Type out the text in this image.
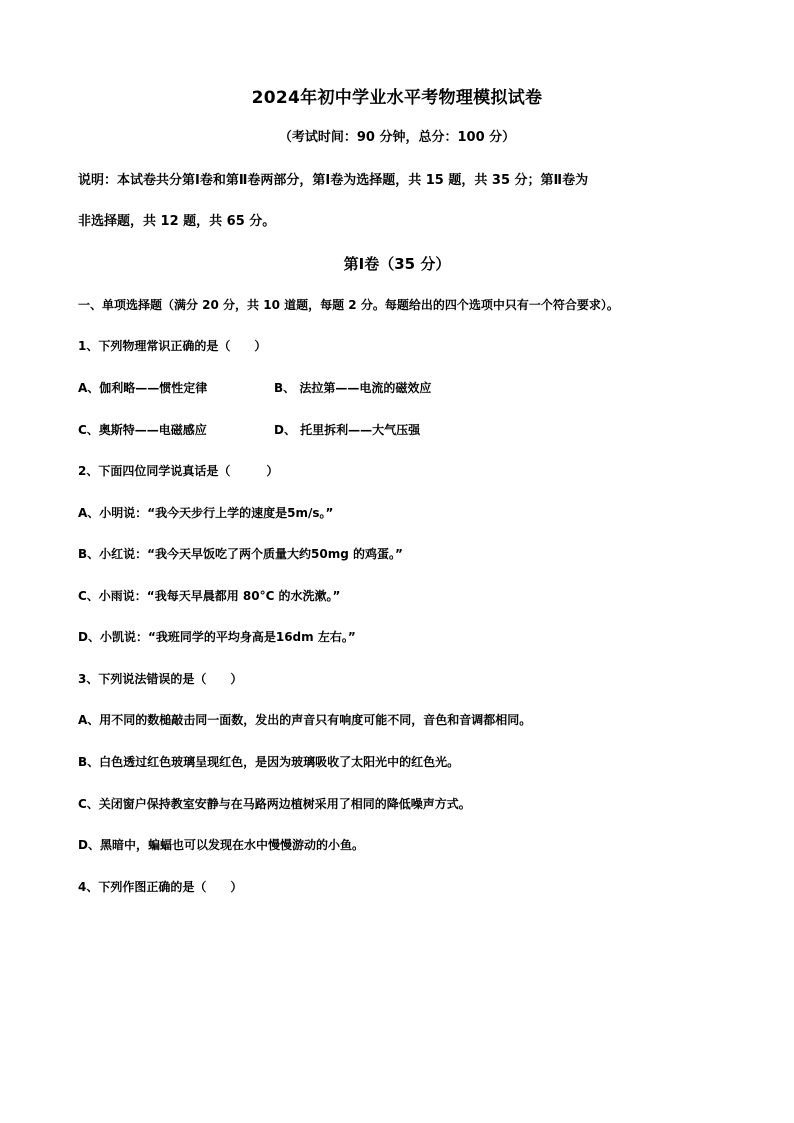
2024年初中学业水平考物理模拟试卷
（考试时间：90 分钟，总分：100 分）
说明：本试卷共分第Ⅰ卷和第Ⅱ卷两部分，第Ⅰ卷为选择题，共 15 题，共 35 分；第Ⅱ卷为
非选择题，共 12 题，共 65 分。
第Ⅰ卷（35 分）
一、单项选择题（满分 20 分，共 10 道题，每题 2 分。每题给出的四个选项中只有一个符合要求）。
1、下列物理常识正确的是（　　）
A、伽利略——惯性定律	B、 法拉第——电流的磁效应
C、奥斯特——电磁感应	D、 托里拆利——大气压强
2、下面四位同学说真话是（　　　）
A、小明说：“我今天步行上学的速度是5m/s。”
B、小红说：“我今天早饭吃了两个质量大约50mg 的鸡蛋。”
C、小雨说：“我每天早晨都用 80°C 的水洗漱。”
D、小凯说：“我班同学的平均身高是16dm 左右。”
3、下列说法错误的是（　　）
A、用不同的数槌敲击同一面数，发出的声音只有响度可能不同，音色和音调都相同。
B、白色透过红色玻璃呈现红色，是因为玻璃吸收了太阳光中的红色光。
C、关闭窗户保持教室安静与在马路两边植树采用了相同的降低噪声方式。
D、黑暗中，蝙蝠也可以发现在水中慢慢游动的小鱼。
4、下列作图正确的是（　　）
